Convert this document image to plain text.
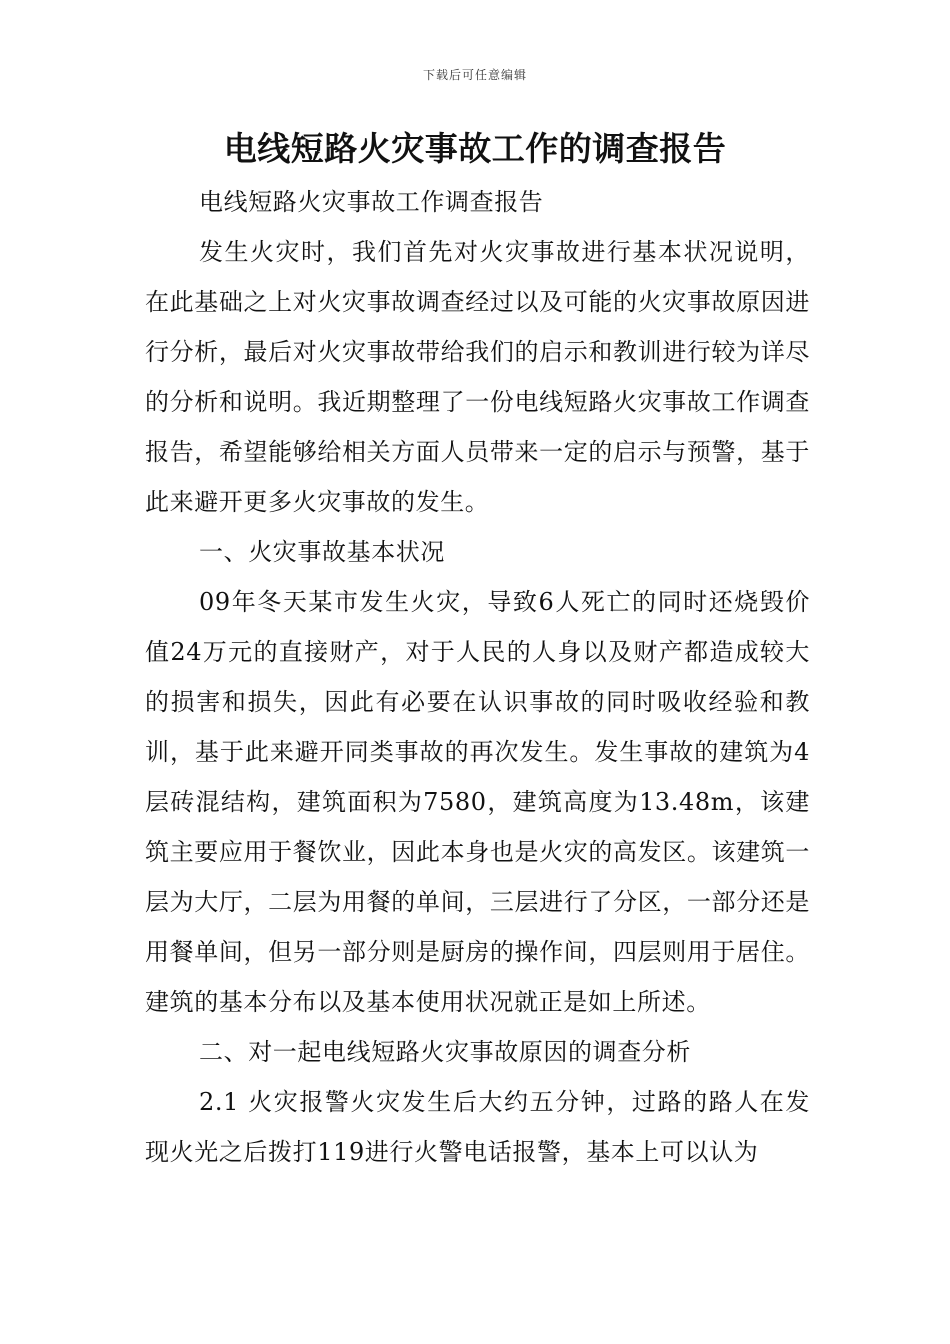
下载后可任意编辑
电线短路火灾事故工作的调查报告

电线短路火灾事故工作调查报告

发生火灾时，我们首先对火灾事故进行基本状况说明，在此基础之上对火灾事故调查经过以及可能的火灾事故原因进行分析，最后对火灾事故带给我们的启示和教训进行较为详尽的分析和说明。我近期整理了一份电线短路火灾事故工作调查报告，希望能够给相关方面人员带来一定的启示与预警，基于此来避开更多火灾事故的发生。

一、火灾事故基本状况

09年冬天某市发生火灾，导致6人死亡的同时还烧毁价值24万元的直接财产，对于人民的人身以及财产都造成较大的损害和损失，因此有必要在认识事故的同时吸收经验和教训，基于此来避开同类事故的再次发生。发生事故的建筑为4层砖混结构，建筑面积为7580，建筑高度为13.48m，该建筑主要应用于餐饮业，因此本身也是火灾的高发区。该建筑一层为大厅，二层为用餐的单间，三层进行了分区，一部分还是用餐单间，但另一部分则是厨房的操作间，四层则用于居住。建筑的基本分布以及基本使用状况就正是如上所述。

二、对一起电线短路火灾事故原因的调查分析

2.1 火灾报警火灾发生后大约五分钟，过路的路人在发现火光之后拨打119进行火警电话报警，基本上可以认为
